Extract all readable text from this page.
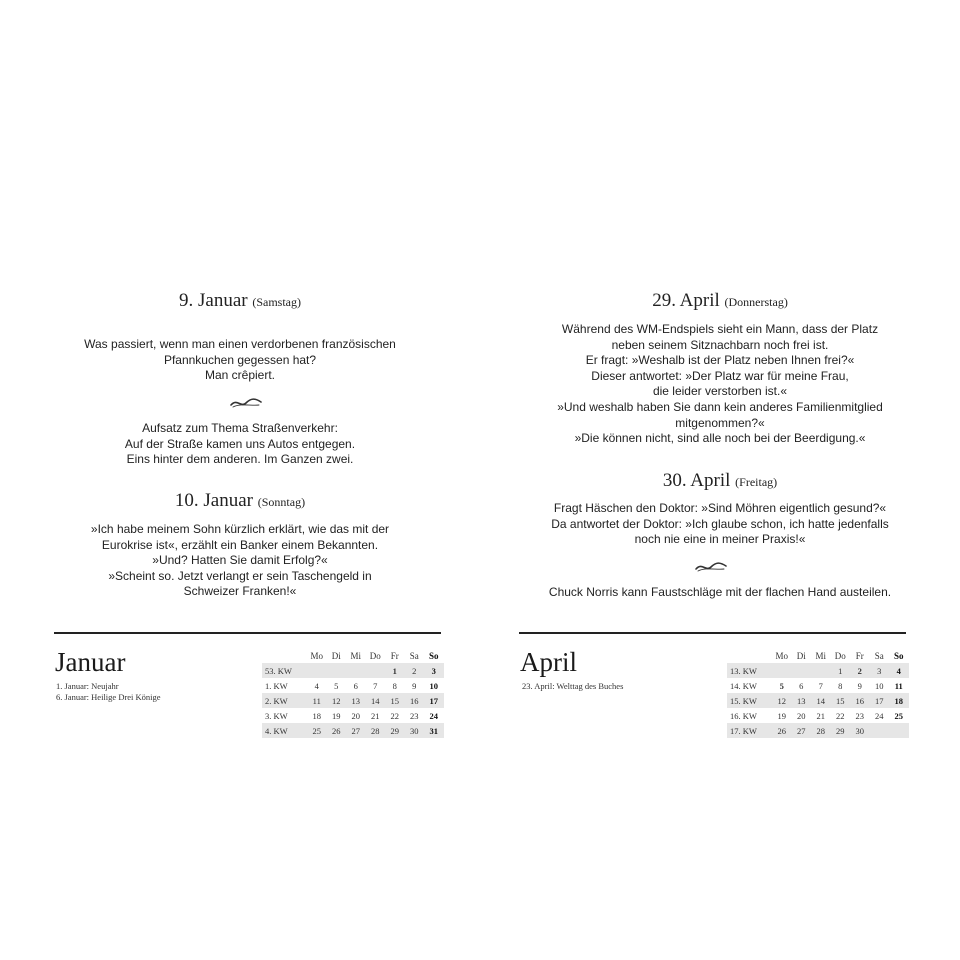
9. Januar (Samstag)
Was passiert, wenn man einen verdorbenen französischen
Pfannkuchen gegessen hat?
Man crêpiert.
Aufsatz zum Thema Straßenverkehr:
Auf der Straße kamen uns Autos entgegen.
Eins hinter dem anderen. Im Ganzen zwei.
10. Januar (Sonntag)
»Ich habe meinem Sohn kürzlich erklärt, wie das mit der
Eurokrise ist«, erzählt ein Banker einem Bekannten.
»Und? Hatten Sie damit Erfolg?«
»Scheint so. Jetzt verlangt er sein Taschengeld in
Schweizer Franken!«
Januar
1. Januar: Neujahr
6. Januar: Heilige Drei Könige
	Mo	Di	Mi	Do	Fr	Sa	So
53. KW					1	2	3
1. KW	4	5	6	7	8	9	10
2. KW	11	12	13	14	15	16	17
3. KW	18	19	20	21	22	23	24
4. KW	25	26	27	28	29	30	31
29. April (Donnerstag)
Während des WM-Endspiels sieht ein Mann, dass der Platz
neben seinem Sitznachbarn noch frei ist.
Er fragt: »Weshalb ist der Platz neben Ihnen frei?«
Dieser antwortet: »Der Platz war für meine Frau,
die leider verstorben ist.«
»Und weshalb haben Sie dann kein anderes Familienmitglied
mitgenommen?«
»Die können nicht, sind alle noch bei der Beerdigung.«
30. April (Freitag)
Fragt Häschen den Doktor: »Sind Möhren eigentlich gesund?«
Da antwortet der Doktor: »Ich glaube schon, ich hatte jedenfalls
noch nie eine in meiner Praxis!«
Chuck Norris kann Faustschläge mit der flachen Hand austeilen.
April
23. April: Welttag des Buches
	Mo	Di	Mi	Do	Fr	Sa	So
13. KW				1	2	3	4
14. KW	5	6	7	8	9	10	11
15. KW	12	13	14	15	16	17	18
16. KW	19	20	21	22	23	24	25
17. KW	26	27	28	29	30		
